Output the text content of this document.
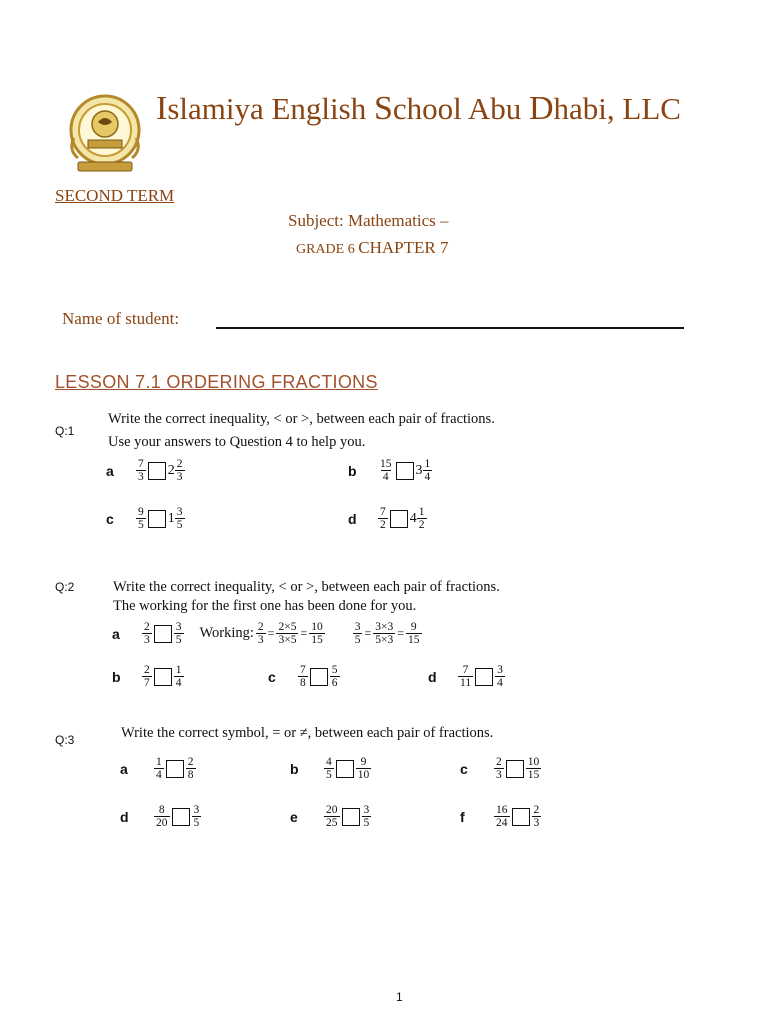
Islamiya English School Abu Dhabi, LLC
SECOND TERM
Subject: Mathematics –
GRADE 6 CHAPTER 7
Name of student:
LESSON 7.1 ORDERING FRACTIONS
Q:1
Write the correct inequality, < or >, between each pair of fractions.
Use your answers to Question 4 to help you.
a	$\frac{7}{3} 2 \frac{2}{3}$	b	$\frac{15}{4} 3 \frac{1}{4}$
c	$\frac{9}{5} 1 \frac{3}{5}$	d	$\frac{7}{2} 4 \frac{1}{2}$
Q:2	Write the correct inequality, < or >, between each pair of fractions.
The working for the first one has been done for you.
a	$\frac{2}{3} \frac{3}{5}$ Working: $\frac{2}{3} = \frac{2\times 5}{3\times 5} = \frac{10}{15} \frac{3}{5} = \frac{3\times 3}{5\times 3} = \frac{9}{15}$
b	$\frac{2}{7} \frac{1}{4}$	c	$\frac{7}{8} \frac{5}{6}$	d	$\frac{7}{11} \frac{3}{4}$
Q:3	Write the correct symbol, = or ≠, between each pair of fractions.
a	$\frac{1}{4} \frac{2}{8}$	b	$\frac{4}{5} \frac{9}{10}$	c	$\frac{2}{3} \frac{10}{15}$
d	$\frac{8}{20} \frac{3}{5}$	e	$\frac{20}{25} \frac{3}{5}$	f	$\frac{16}{24} \frac{2}{3}$
1
